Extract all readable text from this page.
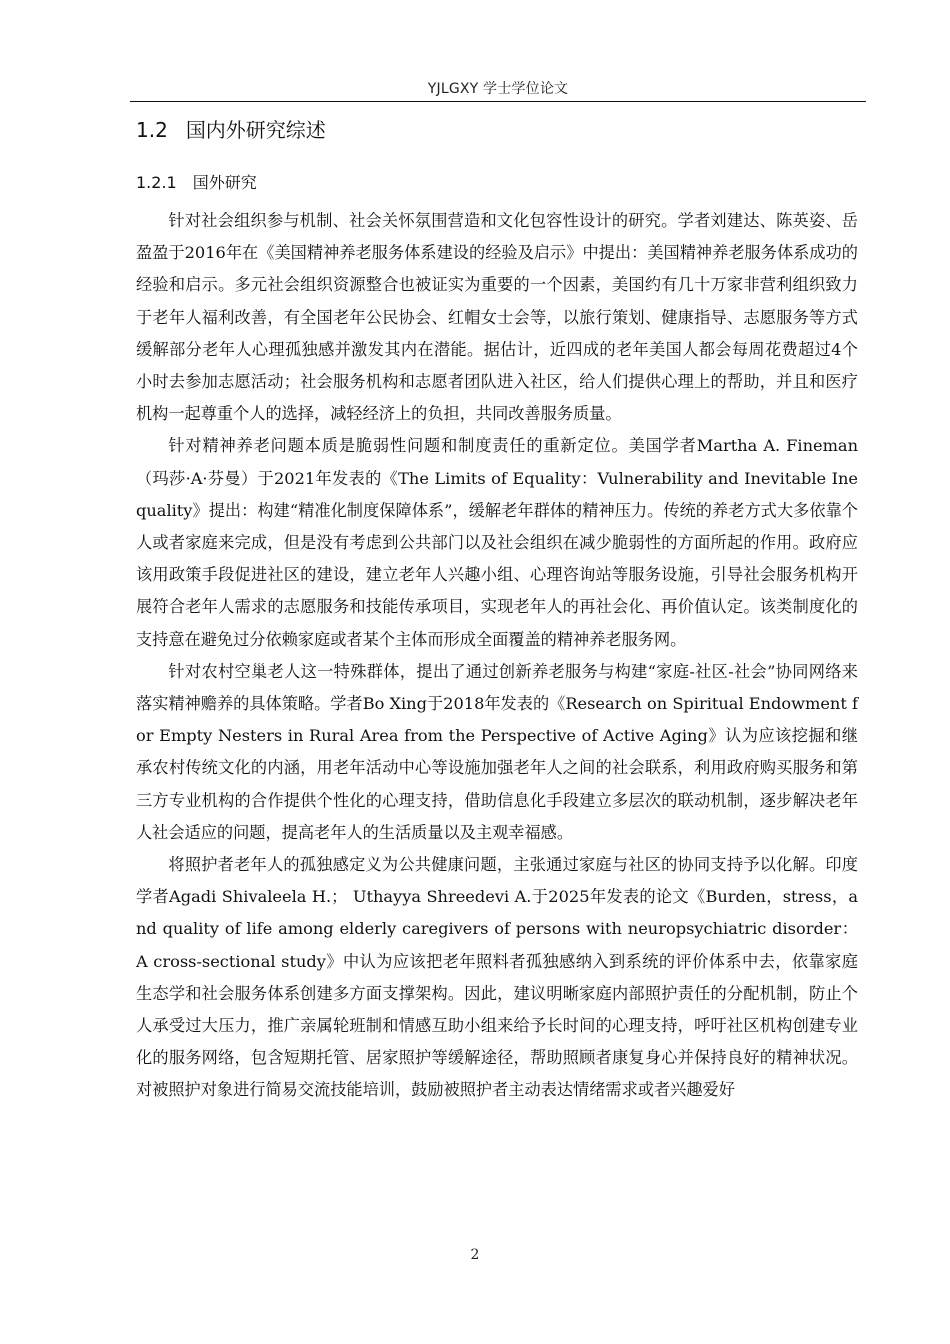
YJLGXY 学士学位论文
1.2 国内外研究综述
1.2.1 国外研究

针对社会组织参与机制、社会关怀氛围营造和文化包容性设计的研究。学者刘建达、陈英姿、岳盈盈于2016年在《美国精神养老服务体系建设的经验及启示》中提出：美国精神养老服务体系成功的经验和启示。多元社会组织资源整合也被证实为重要的一个因素，美国约有几十万家非营利组织致力于老年人福利改善，有全国老年公民协会、红帽女士会等，以旅行策划、健康指导、志愿服务等方式缓解部分老年人心理孤独感并激发其内在潜能。据估计，近四成的老年美国人都会每周花费超过4个小时去参加志愿活动；社会服务机构和志愿者团队进入社区，给人们提供心理上的帮助，并且和医疗机构一起尊重个人的选择，减轻经济上的负担，共同改善服务质量。

针对精神养老问题本质是脆弱性问题和制度责任的重新定位。美国学者Martha A. Fineman（玛莎·A·芬曼）于2021年发表的《The Limits of Equality：Vulnerability and Inevitable Inequality》提出：构建“精准化制度保障体系”，缓解老年群体的精神压力。传统的养老方式大多依靠个人或者家庭来完成，但是没有考虑到公共部门以及社会组织在减少脆弱性的方面所起的作用。政府应该用政策手段促进社区的建设，建立老年人兴趣小组、心理咨询站等服务设施，引导社会服务机构开展符合老年人需求的志愿服务和技能传承项目，实现老年人的再社会化、再价值认定。该类制度化的支持意在避免过分依赖家庭或者某个主体而形成全面覆盖的精神养老服务网。

针对农村空巢老人这一特殊群体，提出了通过创新养老服务与构建“家庭-社区-社会”协同网络来落实精神赡养的具体策略。学者Bo Xing于2018年发表的《Research on Spiritual Endowment for Empty Nesters in Rural Area from the Perspective of Active Aging》认为应该挖掘和继承农村传统文化的内涵，用老年活动中心等设施加强老年人之间的社会联系，利用政府购买服务和第三方专业机构的合作提供个性化的心理支持，借助信息化手段建立多层次的联动机制，逐步解决老年人社会适应的问题，提高老年人的生活质量以及主观幸福感。

将照护者老年人的孤独感定义为公共健康问题，主张通过家庭与社区的协同支持予以化解。印度学者Agadi Shivaleela H.； Uthayya Shreedevi A.于2025年发表的论文《Burden，stress，and quality of life among elderly caregivers of persons with neuropsychiatric disorder： A cross-sectional study》中认为应该把老年照料者孤独感纳入到系统的评价体系中去，依靠家庭生态学和社会服务体系创建多方面支撑架构。因此，建议明晰家庭内部照护责任的分配机制，防止个人承受过大压力，推广亲属轮班制和情感互助小组来给予长时间的心理支持，呼吁社区机构创建专业化的服务网络，包含短期托管、居家照护等缓解途径，帮助照顾者康复身心并保持良好的精神状况。对被照护对象进行简易交流技能培训，鼓励被照护者主动表达情绪需求或者兴趣爱好

2
